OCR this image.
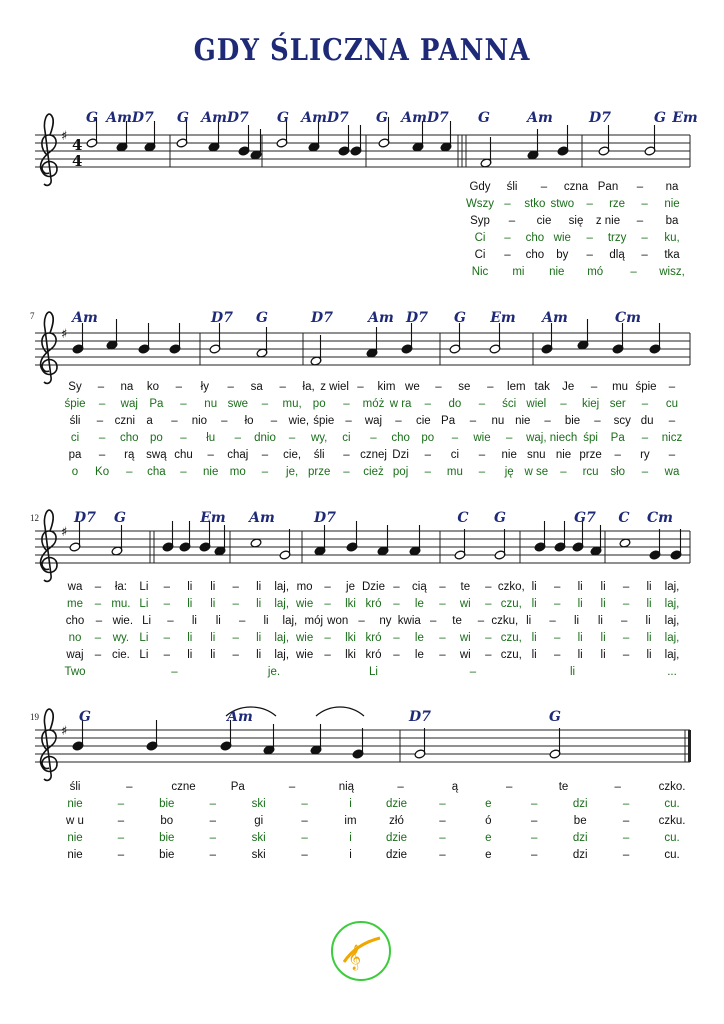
GDY ŚLICZNA PANNA
♯ 4
4
♯
♯
♯
G AmD7 G AmD7 G AmD7 G AmD7 G	Am	D7	G Em
Gdy śli – czna Pan – na
Wszy – stko stwo – rze – nie
Syp – cie się z nie – ba
Ci – cho wie – trzy – ku,
Ci – cho by – dlą – tka
Nic mi nie mó – wisz,
Am	D7 G	D7	Am D7 G Em Am	Cm
7
Sy – na ko – ły – sa – ła, z wiel – kim we – se – lem tak Je – mu śpie –
śpie – waj Pa – nu swe – mu, po – móż w ra – do – ści wiel – kiej ser – cu
śli – czni a – nio – ło – wie, śpie – waj – cie Pa – nu nie – bie – scy du –
ci – cho po – łu – dnio – wy, ci – cho po – wie – waj, niech śpi Pa – nicz
pa – rą swą chu – chaj – cie, śli – cznej Dzi – ci – nie snu nie prze – ry –
o Ko – cha – nie mo – je, prze – cież poj – mu – ję w se – rcu sło – wa
D7 G	Em Am	D7	C G	G7 C Cm
12
wa – ła: Li – li li – li laj, mo – je Dzie – cią – te – czko, li – li li – li laj,
me – mu. Li – li li – li laj, wie – lki kró – le – wi – czu, li – li li – li laj,
cho – wie. Li – li li – li laj, mój won – ny kwia – te – czku, li – li li – li laj,
no – wy. Li – li li – li laj, wie – lki kró – le – wi – czu, li – li li – li laj,
waj – cie. Li – li li – li laj, wie – lki kró – le – wi – czu, li – li li – li laj,
Two	–	je.	Li	–	li	...
G	Am	D7	G
19
śli	–	czne	Pa	–	nią	–	ą	–	te	–	czko.
nie	–	bie	–	ski	–	i	dzie	–	e	–	dzi	–	cu.
w u	–	bo	–	gi	–	im	złó	–	ó	–	be	–	czku.
nie	–	bie	–	ski	–	i	dzie	–	e	–	dzi	–	cu.
nie	–	bie	–	ski	–	i	dzie	–	e	–	dzi	–	cu.
𝄞
